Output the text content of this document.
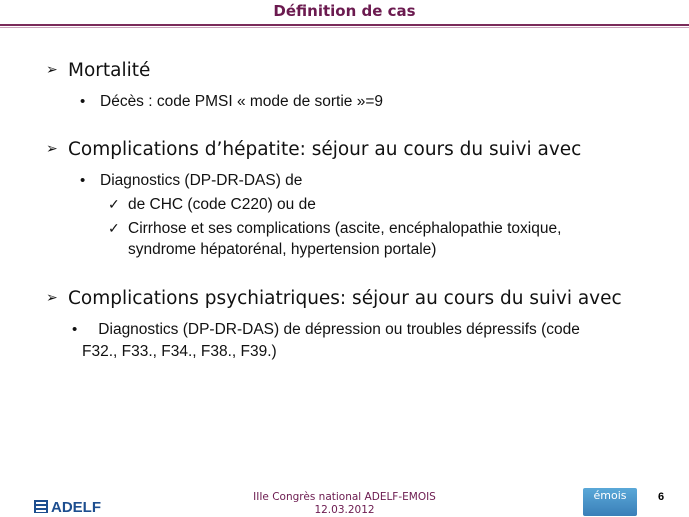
Définition de cas
➢ Mortalité
• Décès : code PMSI « mode de sortie »=9
➢ Complications d’hépatite: séjour au cours du suivi avec
• Diagnostics (DP-DR-DAS) de
✓ de CHC (code C220) ou de
✓ Cirrhose et ses complications (ascite, encéphalopathie toxique,
syndrome hépatorénal, hypertension portale)
➢ Complications psychiatriques: séjour au cours du suivi avec
• Diagnostics (DP-DR-DAS) de dépression ou troubles dépressifs (code
F32., F33., F34., F38., F39.)
ADELF
IIIe Congrès national ADELF-EMOIS
12.03.2012
émois	6
